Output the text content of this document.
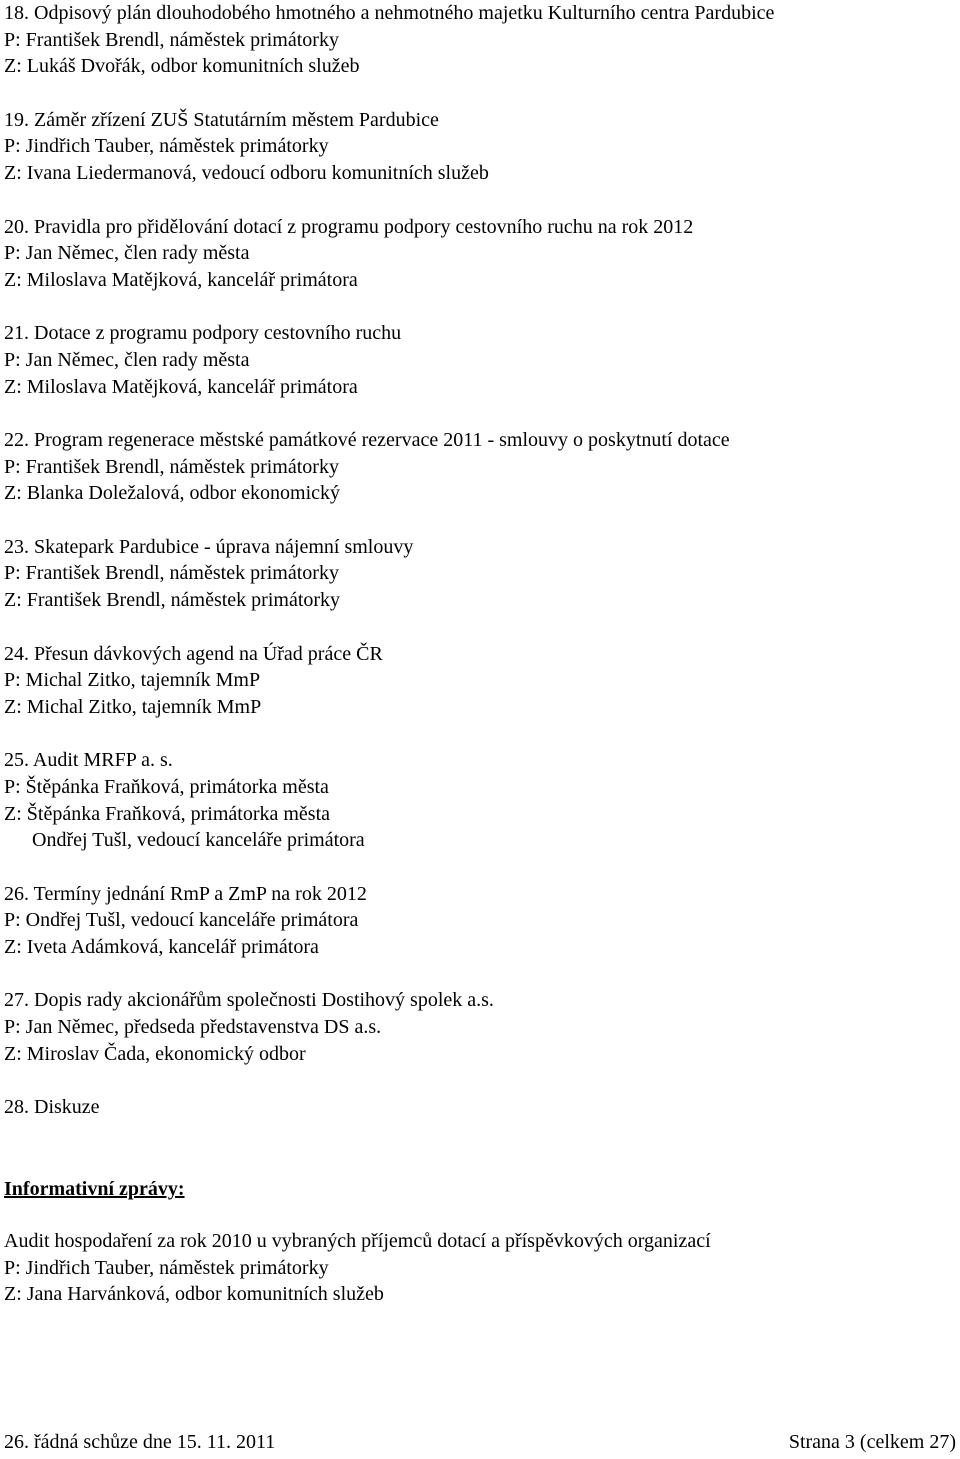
18. Odpisový plán dlouhodobého hmotného a nehmotného majetku Kulturního centra Pardubice
P: František Brendl, náměstek primátorky
Z: Lukáš Dvořák, odbor komunitních služeb
19. Záměr zřízení ZUŠ Statutárním městem Pardubice
P: Jindřich Tauber, náměstek primátorky
Z: Ivana Liedermanová, vedoucí odboru komunitních služeb
20. Pravidla pro přidělování dotací z programu podpory cestovního ruchu na rok 2012
P: Jan Němec, člen rady města
Z: Miloslava Matějková, kancelář primátora
21. Dotace z programu podpory cestovního ruchu
P: Jan Němec, člen rady města
Z: Miloslava Matějková, kancelář primátora
22. Program regenerace městské památkové rezervace 2011 - smlouvy o poskytnutí dotace
P: František Brendl, náměstek primátorky
Z: Blanka Doležalová, odbor ekonomický
23. Skatepark Pardubice - úprava nájemní smlouvy
P: František Brendl, náměstek primátorky
Z: František Brendl, náměstek primátorky
24. Přesun dávkových agend na Úřad práce ČR
P: Michal Zitko, tajemník MmP
Z: Michal Zitko, tajemník MmP
25. Audit MRFP a. s.
P: Štěpánka Fraňková, primátorka města
Z: Štěpánka Fraňková, primátorka města
Ondřej Tušl, vedoucí kanceláře primátora
26. Termíny jednání RmP a ZmP na rok 2012
P: Ondřej Tušl, vedoucí kanceláře primátora
Z: Iveta Adámková, kancelář primátora
27. Dopis rady akcionářům společnosti Dostihový spolek a.s.
P: Jan Němec, předseda představenstva DS a.s.
Z: Miroslav Čada, ekonomický odbor
28. Diskuze
Informativní zprávy:
Audit hospodaření za rok 2010 u vybraných příjemců dotací a příspěvkových organizací
P: Jindřich Tauber, náměstek primátorky
Z: Jana Harvánková, odbor komunitních služeb
26. řádná schůze dne 15. 11. 2011	Strana 3 (celkem 27)
